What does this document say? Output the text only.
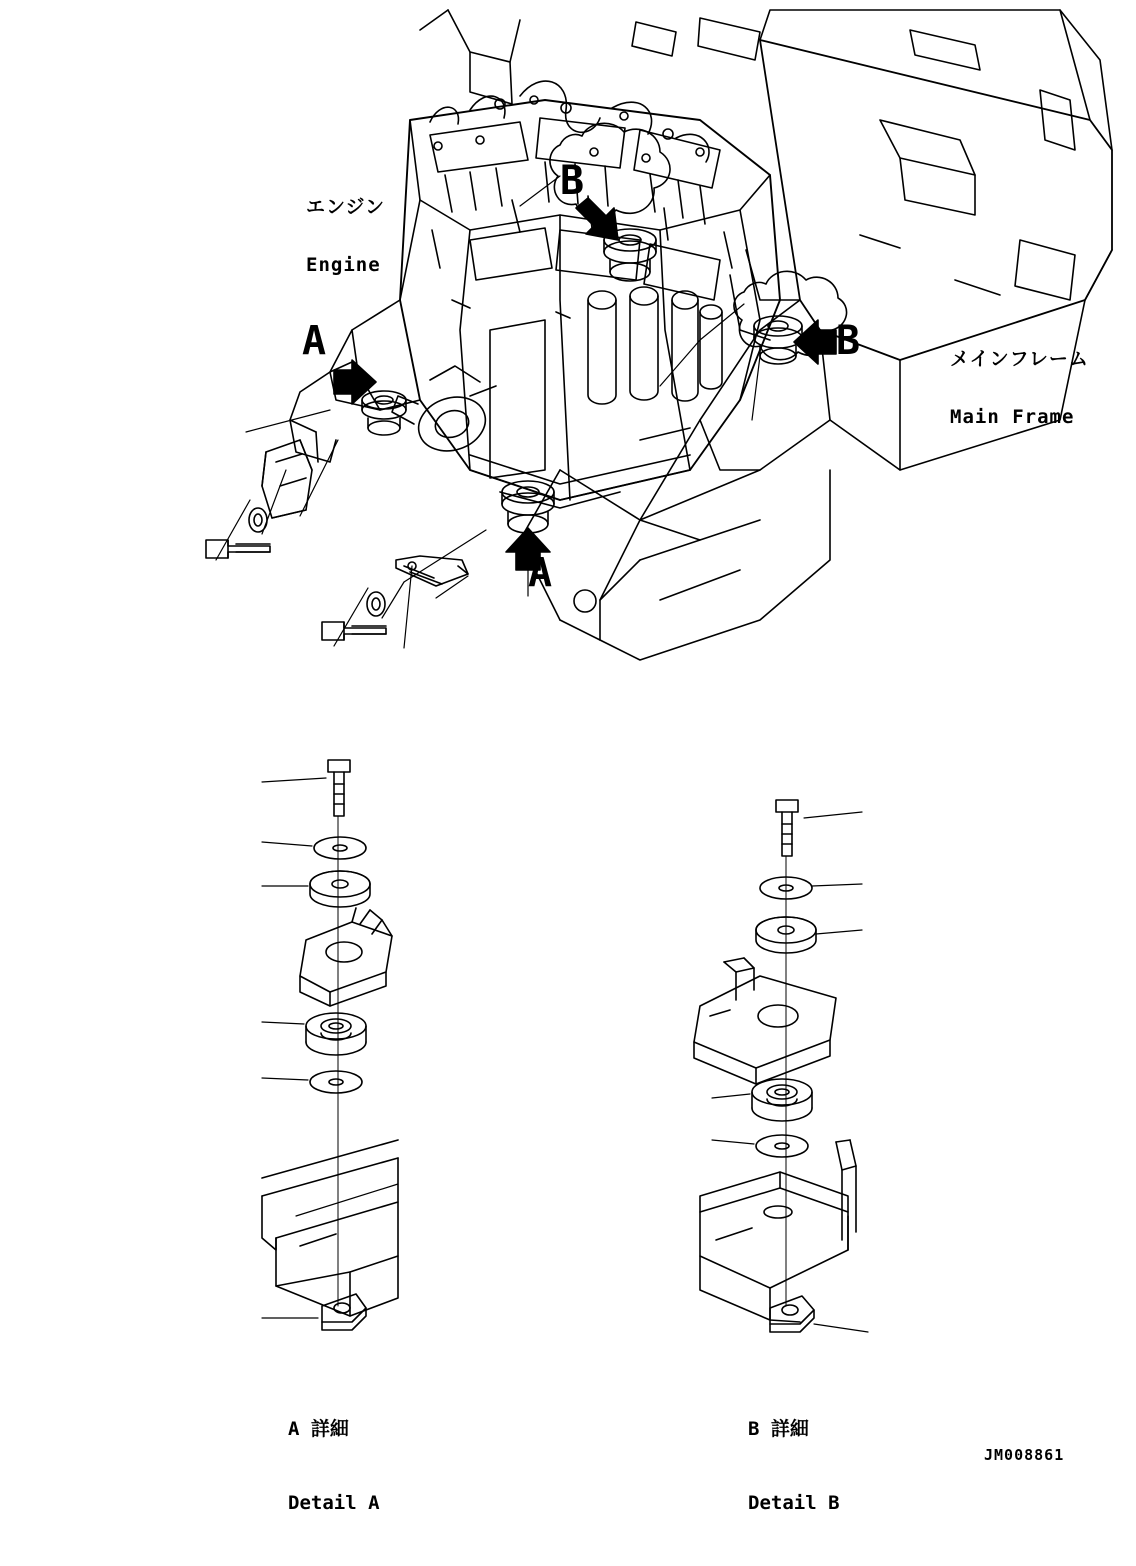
エンジン

Engine

メインフレーム

Main Frame

A
A
B
B

A 詳細

Detail A

B 詳細

Detail B

JM008861
